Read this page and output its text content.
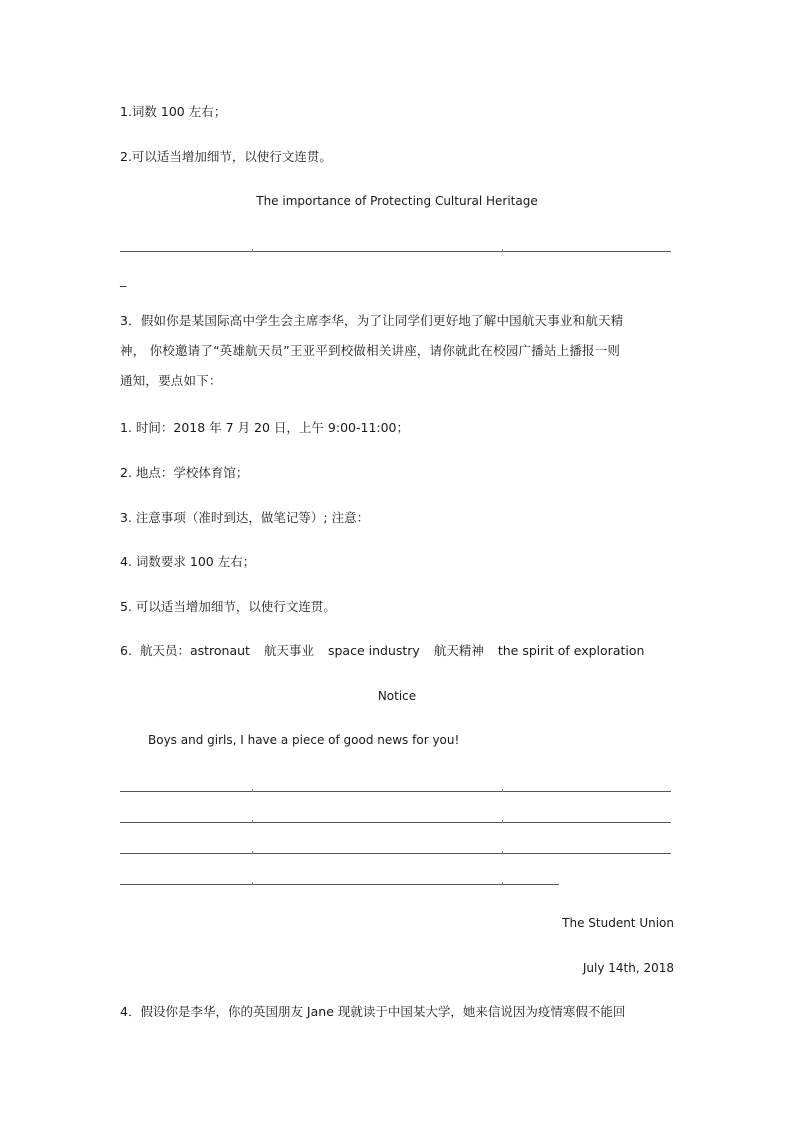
1.词数 100 左右；
2.可以适当增加细节，以使行文连贯。
The importance of Protecting Cultural Heritage
_
3．假如你是某国际高中学生会主席李华，为了让同学们更好地了解中国航天事业和航天精
神， 你校邀请了“英雄航天员”王亚平到校做相关讲座，请你就此在校园广播站上播报一则
通知，要点如下：
1. 时间：2018 年 7 月 20 日，上午 9:00-11:00；
2. 地点：学校体育馆；
3. 注意事项（准时到达，做笔记等）; 注意：
4. 词数要求 100 左右；
5. 可以适当增加细节，以使行文连贯。
6. 航天员：astronaut 航天事业 space industry 航天精神 the spirit of exploration
Notice
Boys and girls, I have a piece of good news for you!
The Student Union
July 14th, 2018
4．假设你是李华，你的英国朋友 Jane 现就读于中国某大学，她来信说因为疫情寒假不能回
